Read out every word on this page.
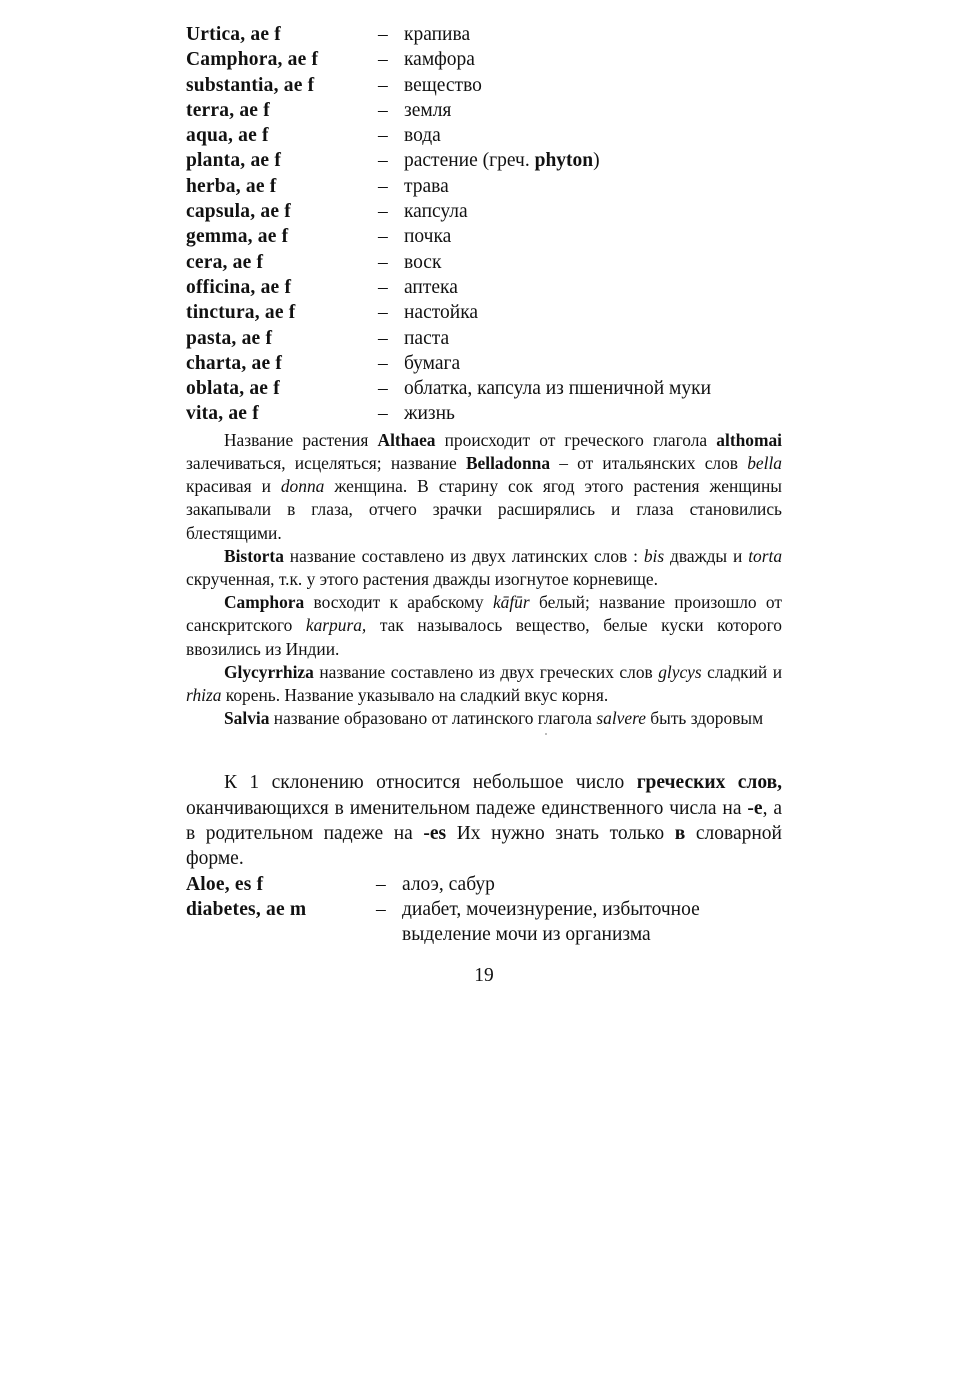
Urtica, ae f	– крапива
Camphora, ae f	– камфора
substantia, ae f	– вещество
terra, ae f	– земля
aqua, ae f	– вода
planta, ae f	– растение (греч. phyton)
herba, ae f	– трава
capsula, ae f	– капсула
gemma, ae f	– почка
cera, ae f	– воск
officina, ae f	– аптека
tinctura, ae f	– настойка
pasta, ae f	– паста
charta, ae f	– бумага
oblata, ae f	– облатка, капсула из пшеничной муки
vita, ae f	– жизнь

Название растения Althaea происходит от греческого глагола althomai залечиваться, исцеляться; название Belladonna – от итальянских слов bella красивая и donna женщина. В старину сок ягод этого растения женщины закапывали в глаза, отчего зрачки расширялись и глаза становились блестящими.

Bistorta название составлено из двух латинских слов : bis дважды и torta скрученная, т.к. у этого растения дважды изогнутое корневище.

Camphora восходит к арабскому kāfūr белый; название произошло от санскритского karpura, так называлось вещество, белые куски которого ввозились из Индии.

Glycyrrhiza название составлено из двух греческих слов glycys сладкий и rhiza корень. Название указывало на сладкий вкус корня.

Salvia название образовано от латинского глагола salvere быть здоровым

К 1 склонению относится небольшое число греческих слов, оканчивающихся в именительном падеже единственного числа на -e, а в родительном падеже на -es Их нужно знать только в словарной форме.

Aloe, es f	– алоэ, сабур
diabetes, ae m	– диабет, мочеизнурение, избыточное выделение мочи из организма
19
